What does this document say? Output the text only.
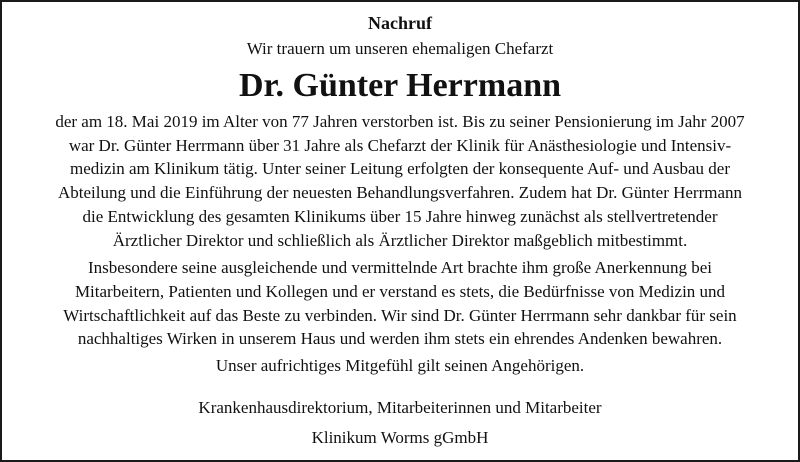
Nachruf
Wir trauern um unseren ehemaligen Chefarzt
Dr. Günter Herrmann
der am 18. Mai 2019 im Alter von 77 Jahren verstorben ist. Bis zu seiner Pensionierung im Jahr 2007
war Dr. Günter Herrmann über 31 Jahre als Chefarzt der Klinik für Anästhesiologie und Intensiv-
medizin am Klinikum tätig. Unter seiner Leitung erfolgten der konsequente Auf- und Ausbau der
Abteilung und die Einführung der neuesten Behandlungsverfahren. Zudem hat Dr. Günter Herrmann
die Entwicklung des gesamten Klinikums über 15 Jahre hinweg zunächst als stellvertretender
Ärztlicher Direktor und schließlich als Ärztlicher Direktor maßgeblich mitbestimmt.
Insbesondere seine ausgleichende und vermittelnde Art brachte ihm große Anerkennung bei
Mitarbeitern, Patienten und Kollegen und er verstand es stets, die Bedürfnisse von Medizin und
Wirtschaftlichkeit auf das Beste zu verbinden. Wir sind Dr. Günter Herrmann sehr dankbar für sein
nachhaltiges Wirken in unserem Haus und werden ihm stets ein ehrendes Andenken bewahren.
Unser aufrichtiges Mitgefühl gilt seinen Angehörigen.
Krankenhausdirektorium, Mitarbeiterinnen und Mitarbeiter
Klinikum Worms gGmbH
